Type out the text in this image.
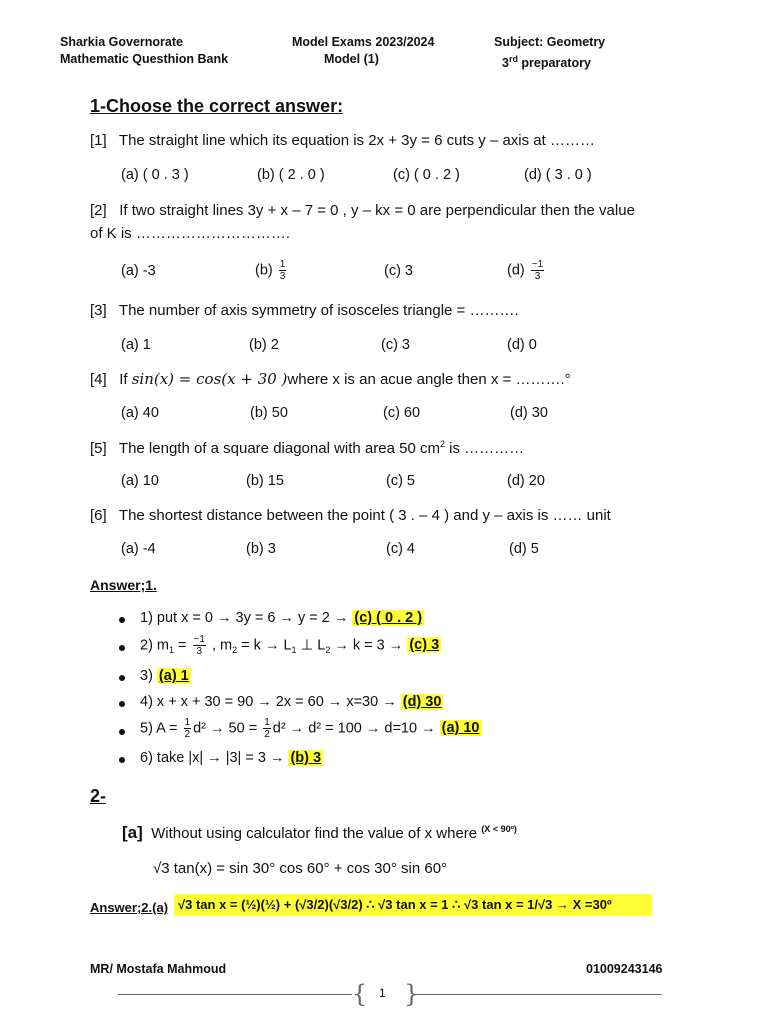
Sharkia Governorate
Mathematic Questhion Bank
Model Exams 2023/2024
Model (1)
Subject: Geometry
3rd preparatory
1-Choose the correct answer:
[1] The straight line which its equation is 2x + 3y = 6 cuts y – axis at ………
(a) ( 0 . 3 )	(b) ( 2 . 0 )	(c) ( 0 . 2 )	(d) ( 3 . 0 )
[2] If two straight lines 3y + x – 7 = 0 , y – kx = 0 are perpendicular then the value
of K is ………………………….
(a) -3	$(b) \frac{1}{3}$	(c) 3	$(d) \frac{-1}{3}$
[3] The number of axis symmetry of isosceles triangle = ……….
(a) 1	(b) 2	(c) 3	(d) 0
[4] If sin(x) = cos(x + 30 )where x is an acue angle then x = ……….°
(a) 40	(b) 50	(c) 60	(d) 30
[5] The length of a square diagonal with area 50 $cm^2$ is …………
(a) 10	(b) 15	(c) 5	(d) 20
[6] The shortest distance between the point ( 3 . – 4 ) and y – axis is …… unit
(a) -4	(b) 3	(c) 4	(d) 5
Answer;1.
1) put x = 0 → 3y = 6 → y = 2 → (c) ( 0 . 2 )
2) $m_1 = \frac{-1}{3}$ , $m_2 = k \to L_1$ ⊥ $L_2 \to k = 3 \to (c)$ 3
3) (a) 1
4) x + x + 30 = 90 → 2x = 60 → x=30 → (d) 30
5) $A = \frac{1}{2} d^2 \to 50 = \frac{1}{2} d^2 \to d^2 = 100 \to d=10 \to (a)$ 10
6) take |x| → |3| = 3 → (b) 3
2-
[a] Without using calculator find the value of x where $^{(X < 90º)}$
√3 tan(x) = sin 30° cos 60° + cos 30° sin 60°
Answer;2.(a) √3 tan x = (½)(½) + (√3/2)(√3/2) ∴ √3 tan x = 1 ∴ √3 tan x = 1/√3 → X =30º
MR/ Mostafa Mahmoud	01009243146
{ }
1
